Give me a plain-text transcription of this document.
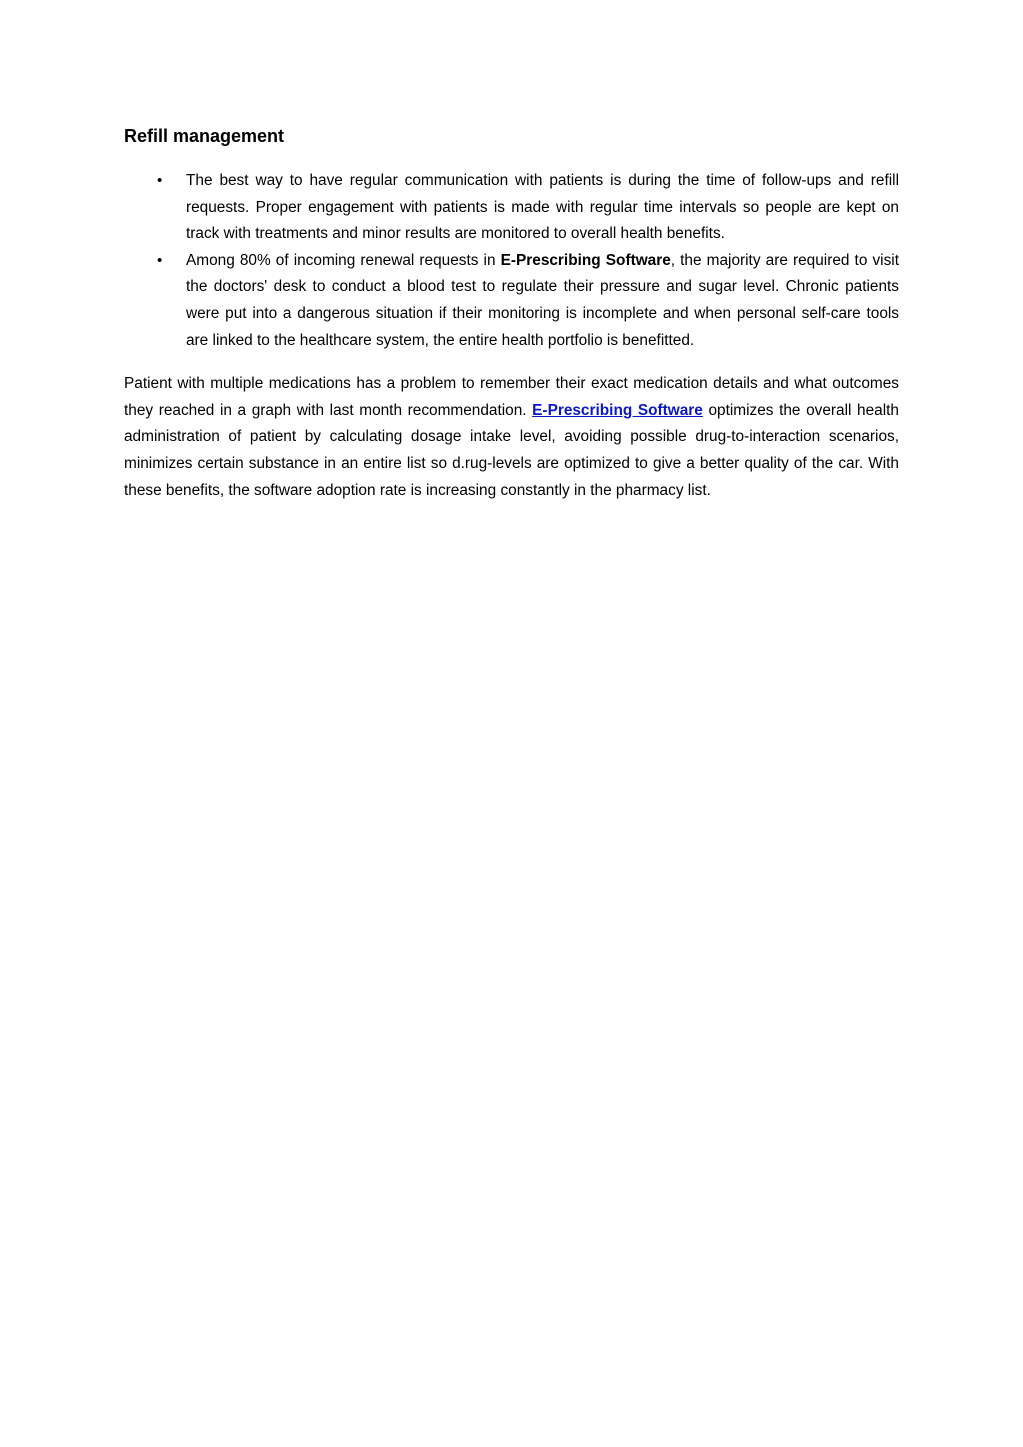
Refill management
• The best way to have regular communication with patients is during the time of follow-ups and refill requests. Proper engagement with patients is made with regular time intervals so people are kept on track with treatments and minor results are monitored to overall health benefits.
• Among 80% of incoming renewal requests in E-Prescribing Software, the majority are required to visit the doctors' desk to conduct a blood test to regulate their pressure and sugar level. Chronic patients were put into a dangerous situation if their monitoring is incomplete and when personal self-care tools are linked to the healthcare system, the entire health portfolio is benefitted.

Patient with multiple medications has a problem to remember their exact medication details and what outcomes they reached in a graph with last month recommendation. E-Prescribing Software optimizes the overall health administration of patient by calculating dosage intake level, avoiding possible drug-to-interaction scenarios, minimizes certain substance in an entire list so d.rug-levels are optimized to give a better quality of the car. With these benefits, the software adoption rate is increasing constantly in the pharmacy list.
